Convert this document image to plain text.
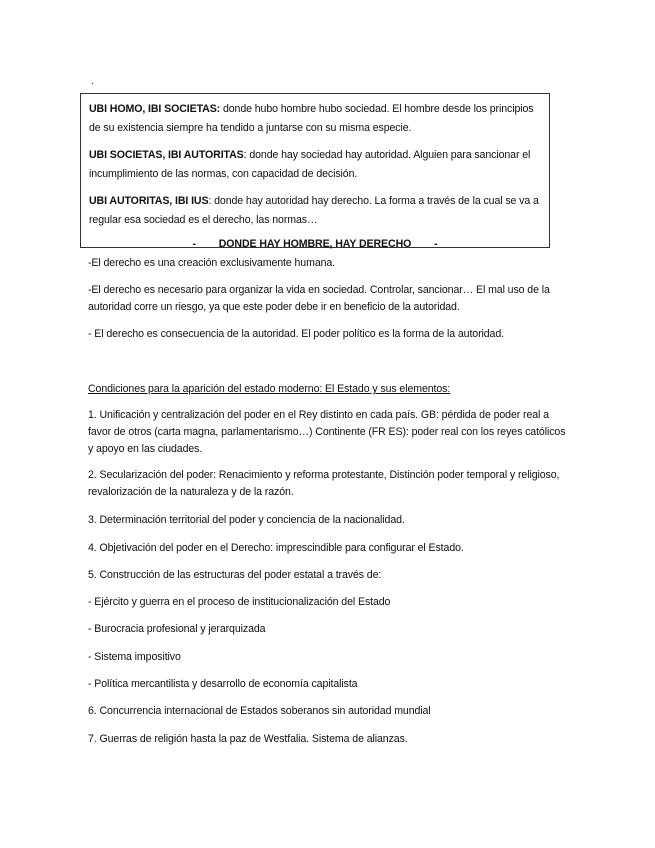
.

UBI HOMO, IBI SOCIETAS: donde hubo hombre hubo sociedad. El hombre desde los principios de su existencia siempre ha tendido a juntarse con su misma especie.

UBI SOCIETAS, IBI AUTORITAS: donde hay sociedad hay autoridad. Alguien para sancionar el incumplimiento de las normas, con capacidad de decisión.

UBI AUTORITAS, IBI IUS: donde hay autoridad hay derecho. La forma a través de la cual se va a regular esa sociedad es el derecho, las normas…

-        DONDE HAY HOMBRE, HAY DERECHO        -

-El derecho es una creación exclusivamente humana.
-El derecho es necesario para organizar la vida en sociedad. Controlar, sancionar… El mal uso de la autoridad corre un riesgo, ya que este poder debe ir en beneficio de la autoridad.
- El derecho es consecuencia de la autoridad. El poder político es la forma de la autoridad.
Condiciones para la aparición del estado moderno: El Estado y sus elementos:
1. Unificación y centralización del poder en el Rey distinto en cada país. GB: pérdida de poder real a favor de otros (carta magna, parlamentarismo…) Continente (FR ES): poder real con los reyes católicos y apoyo en las ciudades.
2. Secularización del poder: Renacimiento y reforma protestante, Distinción poder temporal y religioso, revalorización de la naturaleza y de la razón.
3. Determinación territorial del poder y conciencia de la nacionalidad.
4. Objetivación del poder en el Derecho: imprescindible para configurar el Estado.
5. Construcción de las estructuras del poder estatal a través de:
- Ejército y guerra en el proceso de institucionalización del Estado
- Burocracia profesional y jerarquizada
- Sistema impositivo
- Política mercantilista y desarrollo de economía capitalista
6. Concurrencia internacional de Estados soberanos sin autoridad mundial
7. Guerras de religión hasta la paz de Westfalia. Sistema de alianzas.
